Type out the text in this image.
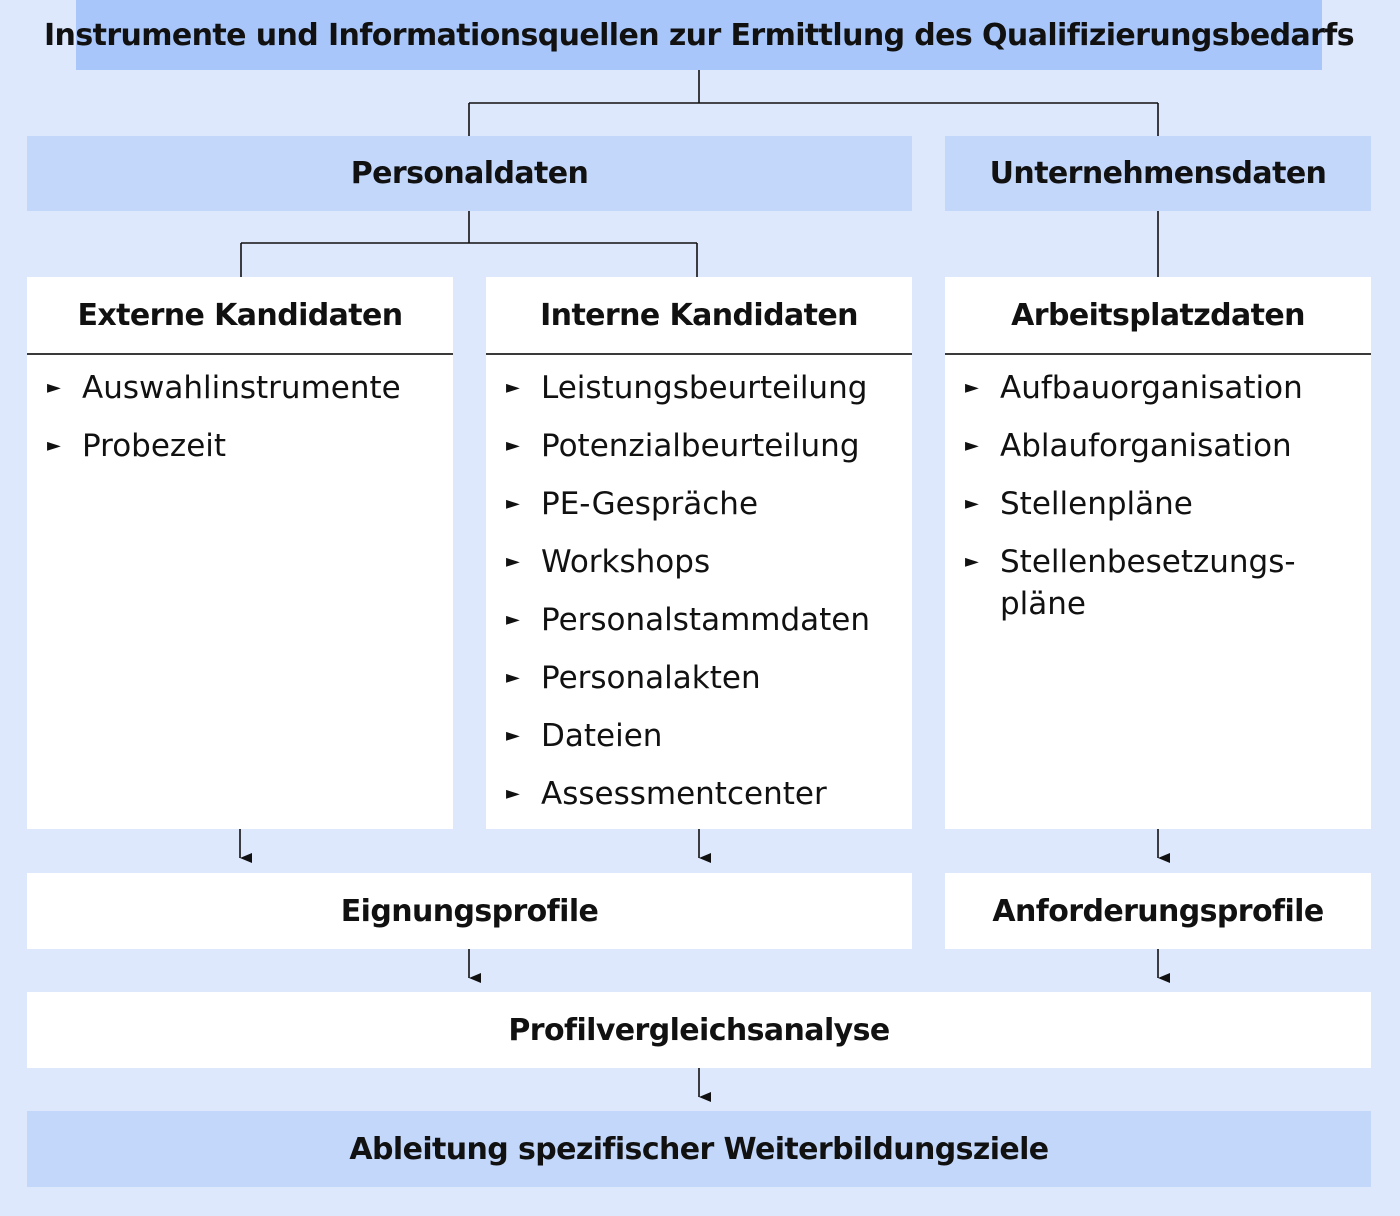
Instrumente und Informationsquellen zur Ermittlung des Qualifizierungsbedarfs
Personaldaten	Unternehmensdaten
Externe Kandidaten
► Auswahlinstrumente
► Probezeit
Interne Kandidaten
► Leistungsbeurteilung
► Potenzialbeurteilung
► PE-Gespräche
► Workshops
► Personalstammdaten
► Personalakten
► Dateien
► Assessmentcenter
Arbeitsplatzdaten
► Aufbauorganisation
► Ablauforganisation
► Stellenpläne
► Stellenbesetzungs-pläne
Eignungsprofile	Anforderungsprofile
Profilvergleichsanalyse
Ableitung spezifischer Weiterbildungsziele
